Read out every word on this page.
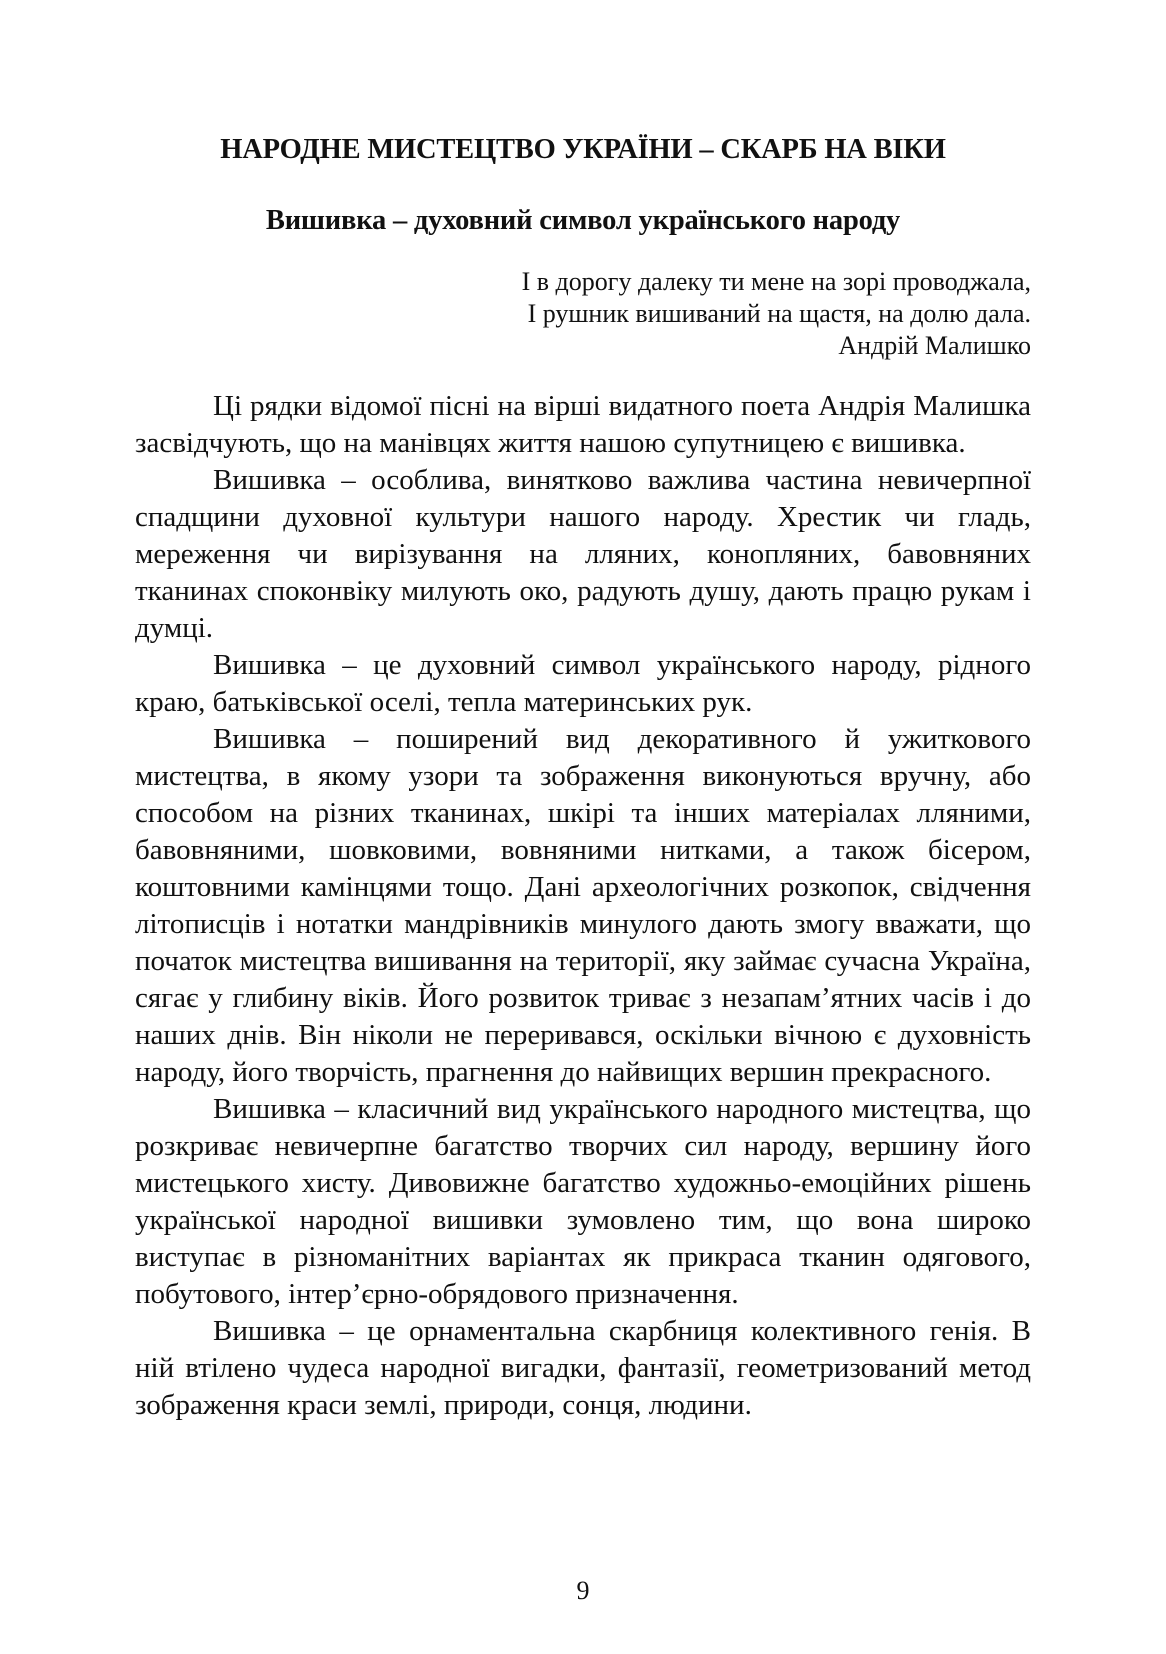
НАРОДНЕ МИСТЕЦТВО УКРАЇНИ – СКАРБ НА ВІКИ
Вишивка – духовний символ українського народу
І в дорогу далеку ти мене на зорі проводжала,
І рушник вишиваний на щастя, на долю дала.
Андрій Малишко

Ці рядки відомої пісні на вірші видатного поета Андрія Малишка засвідчують, що на манівцях життя нашою супутницею є вишивка.

Вишивка – особлива, винятково важлива частина невичерпної спадщини духовної культури нашого народу. Хрестик чи гладь, мереження чи вирізування на лляних, конопляних, бавовняних тканинах споконвіку милують око, радують душу, дають працю рукам і думці.

Вишивка – це духовний символ українського народу, рідного краю, батьківської оселі, тепла материнських рук.

Вишивка – поширений вид декоративного й ужиткового мистецтва, в якому узори та зображення виконуються вручну, або способом на різних тканинах, шкірі та інших матеріалах лляними, бавовняними, шовковими, вовняними нитками, а також бісером, коштовними камінцями тощо. Дані археологічних розкопок, свідчення літописців і нотатки мандрівників минулого дають змогу вважати, що початок мистецтва вишивання на території, яку займає сучасна Україна, сягає у глибину віків. Його розвиток триває з незапам’ятних часів і до наших днів. Він ніколи не переривався, оскільки вічною є духовність народу, його творчість, прагнення до найвищих вершин прекрасного.

Вишивка – класичний вид українського народного мистецтва, що розкриває невичерпне багатство творчих сил народу, вершину його мистецького хисту. Дивовижне багатство художньо-емоційних рішень української народної вишивки зумовлено тим, що вона широко виступає в різноманітних варіантах як прикраса тканин одягового, побутового, інтер’єрно-обрядового призначення.

Вишивка – це орнаментальна скарбниця колективного генія. В ній втілено чудеса народної вигадки, фантазії, геометризований метод зображення краси землі, природи, сонця, людини.

9
